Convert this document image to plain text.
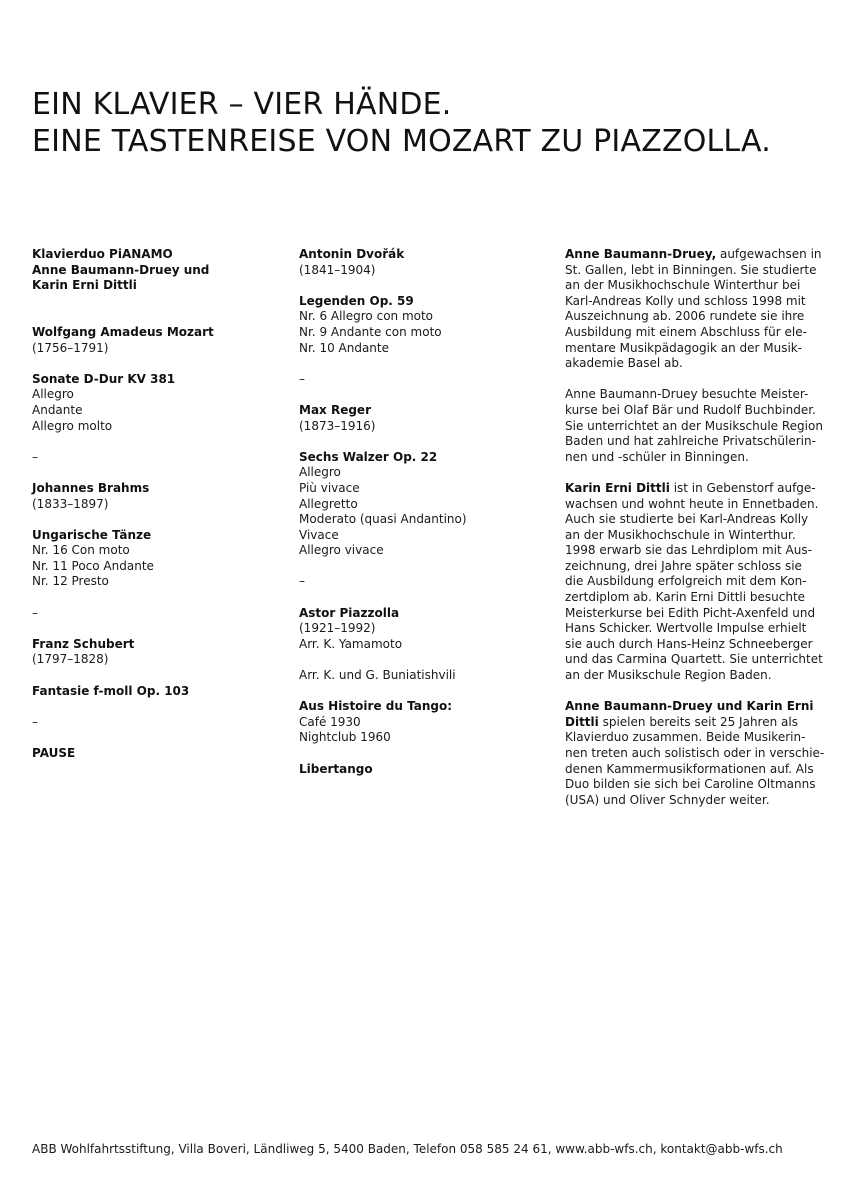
EIN KLAVIER – VIER HÄNDE.
EINE TASTENREISE VON MOZART ZU PIAZZOLLA.
Klavierduo PiANAMO
Anne Baumann-Druey und
Karin Erni Dittli
Wolfgang Amadeus Mozart
(1756–1791)
Sonate D-Dur KV 381
Allegro
Andante
Allegro molto
–
Johannes Brahms
(1833–1897)
Ungarische Tänze
Nr. 16 Con moto
Nr. 11 Poco Andante
Nr. 12 Presto
–
Franz Schubert
(1797–1828)
Fantasie f-moll Op. 103
–
PAUSE
Antonin Dvořák
(1841–1904)
Legenden Op. 59
Nr. 6 Allegro con moto
Nr. 9 Andante con moto
Nr. 10 Andante
–
Max Reger
(1873–1916)
Sechs Walzer Op. 22
Allegro
Più vivace
Allegretto
Moderato (quasi Andantino)
Vivace
Allegro vivace
–
Astor Piazzolla
(1921–1992)
Arr. K. Yamamoto
Arr. K. und G. Buniatishvili
Aus Histoire du Tango:
Café 1930
Nightclub 1960
Libertango
Anne Baumann-Druey, aufgewachsen in
St. Gallen, lebt in Binningen. Sie studierte
an der Musikhochschule Winterthur bei
Karl-Andreas Kolly und schloss 1998 mit
Auszeichnung ab. 2006 rundete sie ihre
Ausbildung mit einem Abschluss für ele-
mentare Musikpädagogik an der Musik-
akademie Basel ab.
Anne Baumann-Druey besuchte Meister-
kurse bei Olaf Bär und Rudolf Buchbinder.
Sie unterrichtet an der Musikschule Region
Baden und hat zahlreiche Privatschülerin-
nen und -schüler in Binningen.
Karin Erni Dittli ist in Gebenstorf aufge-
wachsen und wohnt heute in Ennetbaden.
Auch sie studierte bei Karl-Andreas Kolly
an der Musikhochschule in Winterthur.
1998 erwarb sie das Lehrdiplom mit Aus-
zeichnung, drei Jahre später schloss sie
die Ausbildung erfolgreich mit dem Kon-
zertdiplom ab. Karin Erni Dittli besuchte
Meisterkurse bei Edith Picht-Axenfeld und
Hans Schicker. Wertvolle Impulse erhielt
sie auch durch Hans-Heinz Schneeberger
und das Carmina Quartett. Sie unterrichtet
an der Musikschule Region Baden.
Anne Baumann-Druey und Karin Erni
Dittli spielen bereits seit 25 Jahren als
Klavierduo zusammen. Beide Musikerin-
nen treten auch solistisch oder in verschie-
denen Kammermusikformationen auf. Als
Duo bilden sie sich bei Caroline Oltmanns
(USA) und Oliver Schnyder weiter.
ABB Wohlfahrtsstiftung, Villa Boveri, Ländliweg 5, 5400 Baden, Telefon 058 585 24 61, www.abb-wfs.ch, kontakt@abb-wfs.ch
